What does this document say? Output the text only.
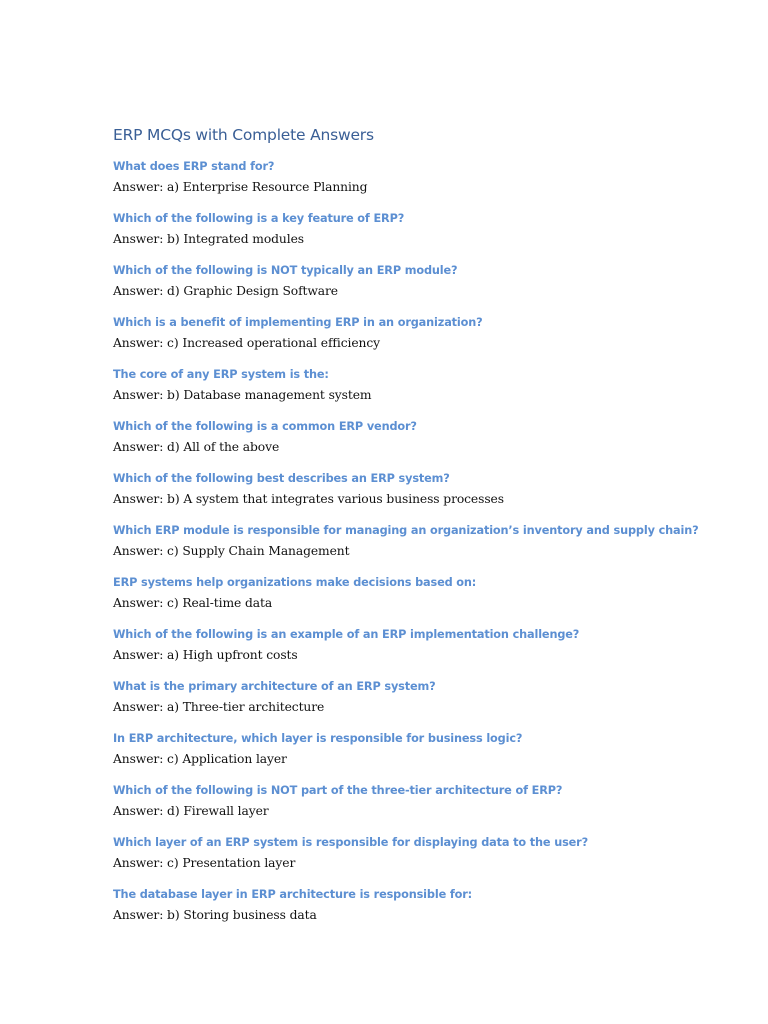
ERP MCQs with Complete Answers
What does ERP stand for?
Answer: a) Enterprise Resource Planning
Which of the following is a key feature of ERP?
Answer: b) Integrated modules
Which of the following is NOT typically an ERP module?
Answer: d) Graphic Design Software
Which is a benefit of implementing ERP in an organization?
Answer: c) Increased operational efficiency
The core of any ERP system is the:
Answer: b) Database management system
Which of the following is a common ERP vendor?
Answer: d) All of the above
Which of the following best describes an ERP system?
Answer: b) A system that integrates various business processes
Which ERP module is responsible for managing an organization’s inventory and supply chain?
Answer: c) Supply Chain Management
ERP systems help organizations make decisions based on:
Answer: c) Real-time data
Which of the following is an example of an ERP implementation challenge?
Answer: a) High upfront costs
What is the primary architecture of an ERP system?
Answer: a) Three-tier architecture
In ERP architecture, which layer is responsible for business logic?
Answer: c) Application layer
Which of the following is NOT part of the three-tier architecture of ERP?
Answer: d) Firewall layer
Which layer of an ERP system is responsible for displaying data to the user?
Answer: c) Presentation layer
The database layer in ERP architecture is responsible for:
Answer: b) Storing business data
